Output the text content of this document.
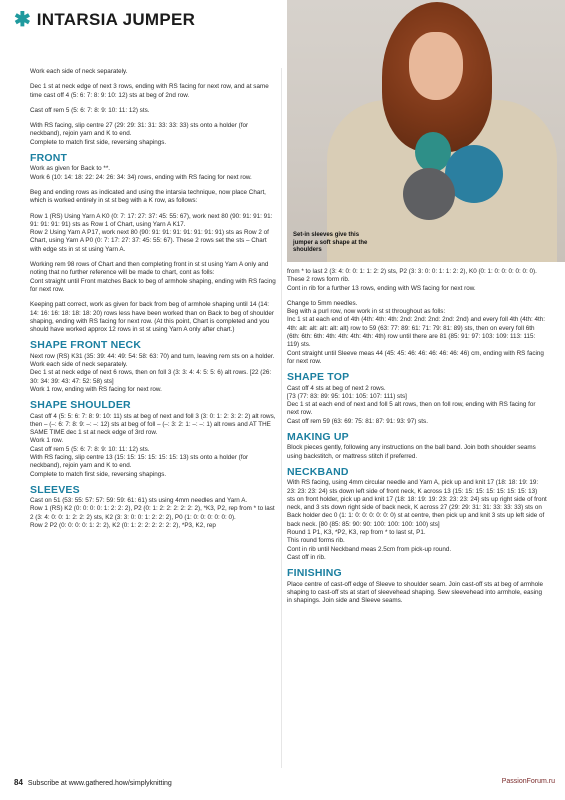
✱ INTARSIA JUMPER
Set-in sleeves give this jumper a soft shape at the shoulders

Work each side of neck separately.

Dec 1 st at neck edge of next 3 rows, ending with RS facing for next row, and at same time cast off 4 (5: 6: 7: 8: 9: 10: 12) sts at beg of 2nd row.

Cast off rem 5 (5: 6: 7: 8: 9: 10: 11: 12) sts.

With RS facing, slip centre 27 (29: 29: 31: 31: 33: 33: 33) sts onto a holder (for neckband), rejoin yarn and K to end.
Complete to match first side, reversing shapings.

FRONT

Work as given for Back to **.
Work 6 (10: 14: 18: 22: 24: 26: 34: 34) rows, ending with RS facing for next row.

Beg and ending rows as indicated and using the intarsia technique, now place Chart, which is worked entirely in st st beg with a K row, as follows:

Row 1 (RS) Using Yarn A K0 (0: 7: 17: 27: 37: 45: 55: 67), work next 80 (90: 91: 91: 91: 91: 91: 91: 91) sts as Row 1 of Chart, using Yarn A K17.
Row 2 Using Yarn A P17, work next 80 (90: 91: 91: 91: 91: 91: 91: 91) sts as Row 2 of Chart, using Yarn A P0 (0: 7: 17: 27: 37: 45: 55: 67). These 2 rows set the sts – Chart with edge sts in st st using Yarn A.

Working rem 98 rows of Chart and then completing front in st st using Yarn A only and noting that no further reference will be made to chart, cont as folls:
Cont straight until Front matches Back to beg of armhole shaping, ending with RS facing for next row.

Keeping patt correct, work as given for back from beg of armhole shaping until 14 (14: 14: 16: 16: 18: 18: 18: 20) rows less have been worked than on Back to beg of shoulder shaping, ending with RS facing for next row. (At this point, Chart is completed and you should have worked approx 12 rows in st st using Yarn A only after chart.)

SHAPE FRONT NECK

Next row (RS) K31 (35: 39: 44: 49: 54: 58: 63: 70) and turn, leaving rem sts on a holder.
Work each side of neck separately.
Dec 1 st at neck edge of next 6 rows, then on foll 3 (3: 3: 4: 4: 5: 5: 6) alt rows. [22 (26: 30: 34: 39: 43: 47: 52: 58) sts]
Work 1 row, ending with RS facing for next row.

SHAPE SHOULDER

Cast off 4 (5: 5: 6: 7: 8: 9: 10: 11) sts at beg of next and foll 3 (3: 0: 1: 2: 3: 2: 2) alt rows, then – (–: 6: 7: 8: 9: –: –: 12) sts at beg of foll – (–: 3: 2: 1: –: –: 1) alt rows and AT THE SAME TIME dec 1 st at neck edge of 3rd row.
Work 1 row.
Cast off rem 5 (5: 6: 7: 8: 9: 10: 11: 12) sts.
With RS facing, slip centre 13 (15: 15: 15: 15: 15: 15: 13) sts onto a holder (for neckband), rejoin yarn and K to end.
Complete to match first side, reversing shapings.

SLEEVES

Cast on 51 (53: 55: 57: 57: 59: 59: 61: 61) sts using 4mm needles and Yarn A.
Row 1 (RS) K2 (0: 0: 0: 0: 1: 2: 2: 2), P2 (0: 1: 2: 2: 2: 2: 2: 2), *K3, P2, rep from * to last 2 (3: 4: 0: 0: 1: 2: 2: 2) sts, K2 (3: 3: 0: 0: 1: 2: 2: 2), P0 (1: 0: 0: 0: 0: 0: 0).
Row 2 P2 (0: 0: 0: 0: 1: 2: 2), K2 (0: 1: 2: 2: 2: 2: 2: 2), *P3, K2, rep

from * to last 2 (3: 4: 0: 0: 1: 1: 2: 2) sts, P2 (3: 3: 0: 0: 1: 1: 2: 2), K0 (0: 1: 0: 0: 0: 0: 0: 0).
These 2 rows form rib.
Cont in rib for a further 13 rows, ending with WS facing for next row.

Change to 5mm needles.
Beg with a purl row, now work in st st throughout as folls:
Inc 1 st at each end of 4th (4th: 4th: 4th: 2nd: 2nd: 2nd: 2nd: 2nd) and every foll 4th (4th: 4th: 4th: alt: alt: alt: alt: alt) row to 59 (63: 77: 89: 61: 71: 79: 81: 89) sts, then on every foll 6th (6th: 6th: 6th: 4th: 4th: 4th: 4th: 4th) row until there are 81 (85: 91: 97: 103: 109: 113: 115: 119) sts.
Cont straight until Sleeve meas 44 (45: 45: 46: 46: 46: 46: 46: 46) cm, ending with RS facing for next row.

SHAPE TOP

Cast off 4 sts at beg of next 2 rows.
[73 (77: 83: 89: 95: 101: 105: 107: 111) sts]
Dec 1 st at each end of next and foll 5 alt rows, then on foll row, ending with RS facing for next row.
Cast off rem 59 (63: 69: 75: 81: 87: 91: 93: 97) sts.

MAKING UP

Block pieces gently, following any instructions on the ball band. Join both shoulder seams using backstitch, or mattress stitch if preferred.

NECKBAND

With RS facing, using 4mm circular needle and Yarn A, pick up and knit 17 (18: 18: 19: 19: 23: 23: 23: 24) sts down left side of front neck, K across 13 (15: 15: 15: 15: 15: 15: 15: 13) sts on front holder, pick up and knit 17 (18: 18: 19: 19: 23: 23: 23: 24) sts up right side of front neck, and 3 sts down right side of back neck, K across 27 (29: 29: 31: 31: 33: 33: 33) sts on Back holder dec 0 (1: 1: 0: 0: 0: 0: 0: 0) st at centre, then pick up and knit 3 sts up left side of back neck. [80 (85: 85: 90: 90: 100: 100: 100: 100) sts]
Round 1 P1, K3, *P2, K3, rep from * to last st, P1.
This round forms rib.
Cont in rib until Neckband meas 2.5cm from pick-up round.
Cast off in rib.

FINISHING

Place centre of cast-off edge of Sleeve to shoulder seam. Join cast-off sts at beg of armhole shaping to cast-off sts at start of sleevehead shaping. Sew sleevehead into armhole, easing in shapings. Join side and Sleeve seams.

84 Subscribe at www.gathered.how/simplyknitting	PassionForum.ru
